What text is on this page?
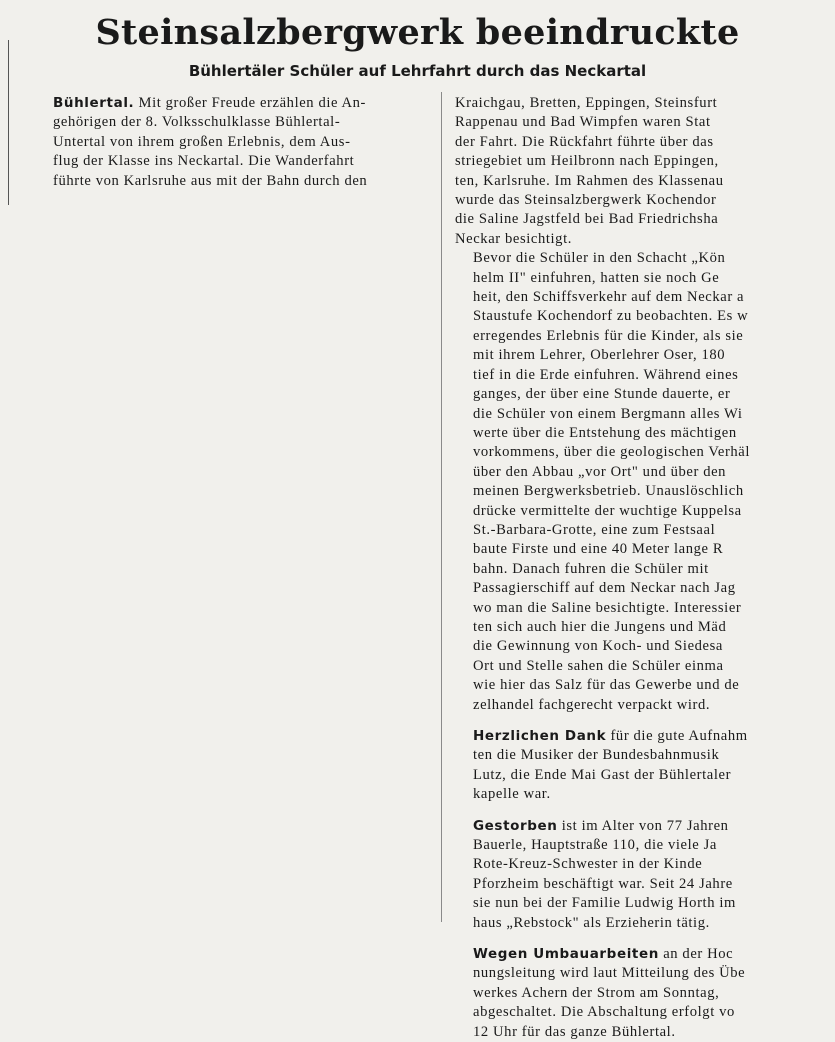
Steinsalzbergwerk beeindruckte
Bühlertäler Schüler auf Lehrfahrt durch das Neckartal

Bühlertal. Mit großer Freude erzählen die An-
gehörigen der 8. Volksschulklasse Bühlertal-
Untertal von ihrem großen Erlebnis, dem Aus-
flug der Klasse ins Neckartal. Die Wanderfahrt
führte von Karlsruhe aus mit der Bahn durch den

Kraichgau, Bretten, Eppingen, Steinsfurt
Rappenau und Bad Wimpfen waren Stat
der Fahrt. Die Rückfahrt führte über das
striegebiet um Heilbronn nach Eppingen,
ten, Karlsruhe. Im Rahmen des Klassenau
wurde das Steinsalzbergwerk Kochendor
die Saline Jagstfeld bei Bad Friedrichsha
Neckar besichtigt.

Bevor die Schüler in den Schacht „Kön
helm II" einfuhren, hatten sie noch Ge
heit, den Schiffsverkehr auf dem Neckar a
Staustufe Kochendorf zu beobachten. Es w
erregendes Erlebnis für die Kinder, als sie
mit ihrem Lehrer, Oberlehrer Oser, 180
tief in die Erde einfuhren. Während eines
ganges, der über eine Stunde dauerte, er
die Schüler von einem Bergmann alles Wi
werte über die Entstehung des mächtigen
vorkommens, über die geologischen Verhäl
über den Abbau „vor Ort" und über den
meinen Bergwerksbetrieb. Unauslöschlich
drücke vermittelte der wuchtige Kuppelsa
St.-Barbara-Grotte, eine zum Festsaal
baute Firste und eine 40 Meter lange R
bahn. Danach fuhren die Schüler mit
Passagierschiff auf dem Neckar nach Jag
wo man die Saline besichtigte. Interessier
ten sich auch hier die Jungens und Mäd
die Gewinnung von Koch- und Siedesa
Ort und Stelle sahen die Schüler einma
wie hier das Salz für das Gewerbe und de
zelhandel fachgerecht verpackt wird.

Herzlichen Dank für die gute Aufnahm
ten die Musiker der Bundesbahnmusik
Lutz, die Ende Mai Gast der Bühlertaler
kapelle war.

Gestorben ist im Alter von 77 Jahren
Bauerle, Hauptstraße 110, die viele Ja
Rote-Kreuz-Schwester in der Kinde
Pforzheim beschäftigt war. Seit 24 Jahre
sie nun bei der Familie Ludwig Horth im
haus „Rebstock" als Erzieherin tätig.

Wegen Umbauarbeiten an der Hoc
nungsleitung wird laut Mitteilung des Übe
werkes Achern der Strom am Sonntag,
abgeschaltet. Die Abschaltung erfolgt vo
12 Uhr für das ganze Bühlertal.
